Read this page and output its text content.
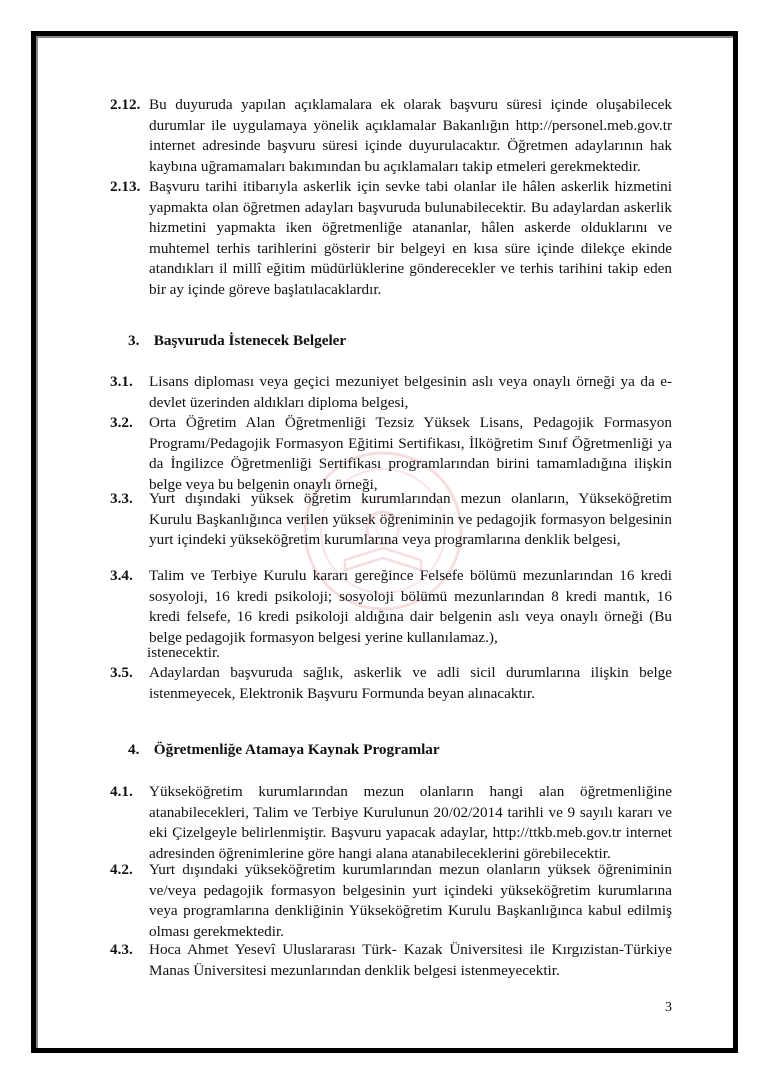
2.12. Bu duyuruda yapılan açıklamalara ek olarak başvuru süresi içinde oluşabilecek durumlar ile uygulamaya yönelik açıklamalar Bakanlığın http://personel.meb.gov.tr internet adresinde başvuru süresi içinde duyurulacaktır. Öğretmen adaylarının hak kaybına uğramamaları bakımından bu açıklamaları takip etmeleri gerekmektedir.
2.13. Başvuru tarihi itibarıyla askerlik için sevke tabi olanlar ile hâlen askerlik hizmetini yapmakta olan öğretmen adayları başvuruda bulunabilecektir. Bu adaylardan askerlik hizmetini yapmakta iken öğretmenliğe atananlar, hâlen askerde olduklarını ve muhtemel terhis tarihlerini gösterir bir belgeyi en kısa süre içinde dilekçe ekinde atandıkları il millî eğitim müdürlüklerine gönderecekler ve terhis tarihini takip eden bir ay içinde göreve başlatılacaklardır.
3. Başvuruda İstenecek Belgeler
3.1. Lisans diploması veya geçici mezuniyet belgesinin aslı veya onaylı örneği ya da e-devlet üzerinden aldıkları diploma belgesi,
3.2. Orta Öğretim Alan Öğretmenliği Tezsiz Yüksek Lisans, Pedagojik Formasyon Programı/Pedagojik Formasyon Eğitimi Sertifikası, İlköğretim Sınıf Öğretmenliği ya da İngilizce Öğretmenliği Sertifikası programlarından birini tamamladığına ilişkin belge veya bu belgenin onaylı örneği,
3.3. Yurt dışındaki yüksek öğretim kurumlarından mezun olanların, Yükseköğretim Kurulu Başkanlığınca verilen yüksek öğreniminin ve pedagojik formasyon belgesinin yurt içindeki yükseköğretim kurumlarına veya programlarına denklik belgesi,
3.4. Talim ve Terbiye Kurulu kararı gereğince Felsefe bölümü mezunlarından 16 kredi sosyoloji, 16 kredi psikoloji; sosyoloji bölümü mezunlarından 8 kredi mantık, 16 kredi felsefe, 16 kredi psikoloji aldığına dair belgenin aslı veya onaylı örneği (Bu belge pedagojik formasyon belgesi yerine kullanılamaz.),
istenecektir.
3.5. Adaylardan başvuruda sağlık, askerlik ve adli sicil durumlarına ilişkin belge istenmeyecek, Elektronik Başvuru Formunda beyan alınacaktır.
4. Öğretmenliğe Atamaya Kaynak Programlar
4.1. Yükseköğretim kurumlarından mezun olanların hangi alan öğretmenliğine atanabilecekleri, Talim ve Terbiye Kurulunun 20/02/2014 tarihli ve 9 sayılı kararı ve eki Çizelgeyle belirlenmiştir. Başvuru yapacak adaylar, http://ttkb.meb.gov.tr internet adresinden öğrenimlerine göre hangi alana atanabileceklerini görebilecektir.
4.2. Yurt dışındaki yükseköğretim kurumlarından mezun olanların yüksek öğreniminin ve/veya pedagojik formasyon belgesinin yurt içindeki yükseköğretim kurumlarına veya programlarına denkliğinin Yükseköğretim Kurulu Başkanlığınca kabul edilmiş olması gerekmektedir.
4.3. Hoca Ahmet Yesevî Uluslararası Türk- Kazak Üniversitesi ile Kırgızistan-Türkiye Manas Üniversitesi mezunlarından denklik belgesi istenmeyecektir.
3
